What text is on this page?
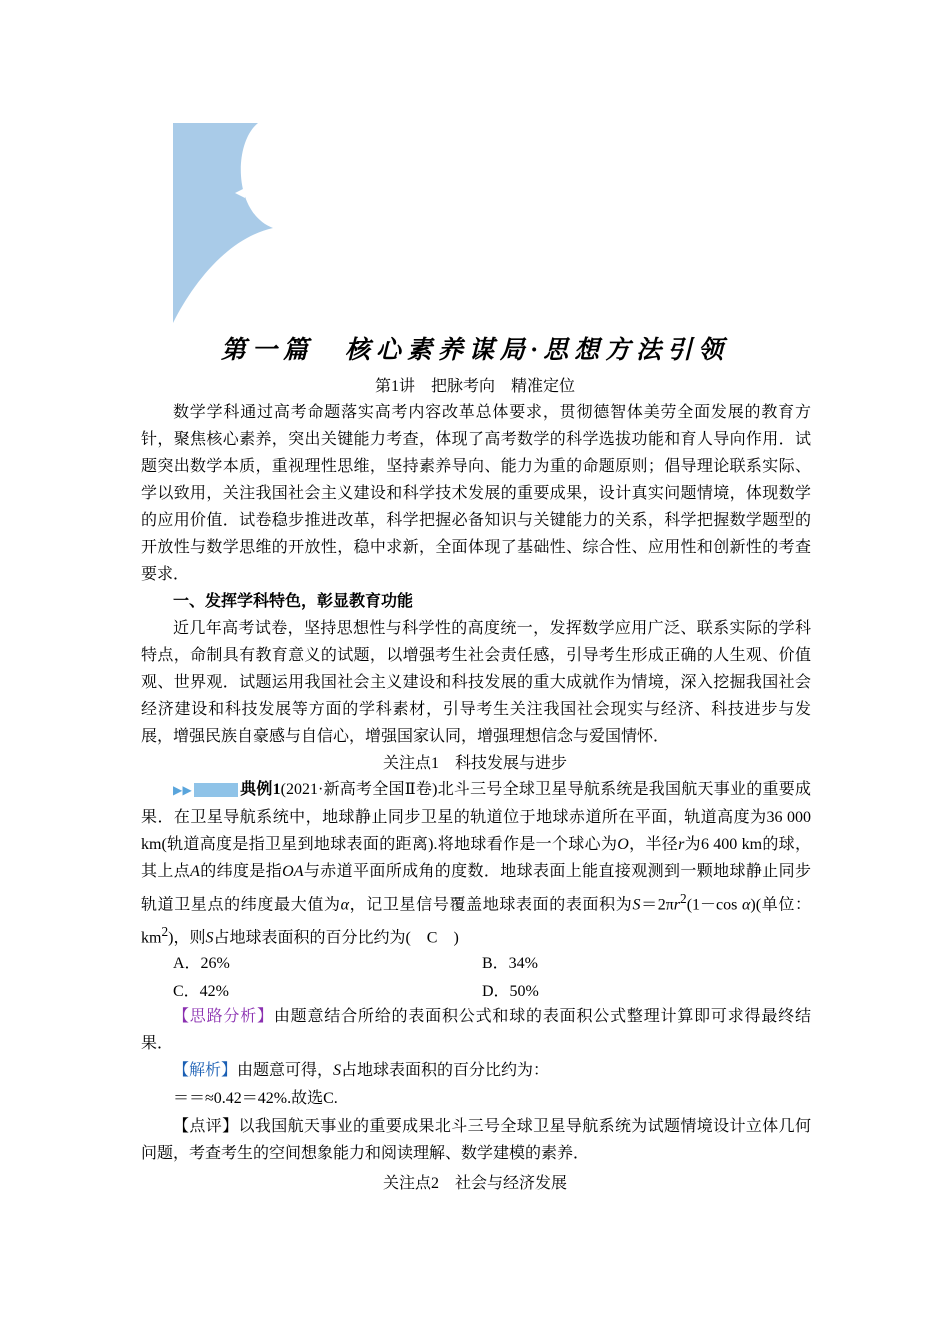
学案
第一篇　核心素养谋局·思想方法引领
第1讲　把脉考向　精准定位
数学学科通过高考命题落实高考内容改革总体要求，贯彻德智体美劳全面发展的教育方针，聚焦核心素养，突出关键能力考查，体现了高考数学的科学选拔功能和育人导向作用．试题突出数学本质，重视理性思维，坚持素养导向、能力为重的命题原则；倡导理论联系实际、学以致用，关注我国社会主义建设和科学技术发展的重要成果，设计真实问题情境，体现数学的应用价值．试卷稳步推进改革，科学把握必备知识与关键能力的关系，科学把握数学题型的开放性与数学思维的开放性，稳中求新，全面体现了基础性、综合性、应用性和创新性的考查要求．
一、发挥学科特色，彰显教育功能
近几年高考试卷，坚持思想性与科学性的高度统一，发挥数学应用广泛、联系实际的学科特点，命制具有教育意义的试题，以增强考生社会责任感，引导考生形成正确的人生观、价值观、世界观．试题运用我国社会主义建设和科技发展的重大成就作为情境，深入挖掘我国社会经济建设和科技发展等方面的学科素材，引导考生关注我国社会现实与经济、科技进步与发展，增强民族自豪感与自信心，增强国家认同，增强理想信念与爱国情怀．
关注点1　科技发展与进步
▶▶	典例1(2021·新高考全国Ⅱ卷)北斗三号全球卫星导航系统是我国航天事业的重要成果．在卫星导航系统中，地球静止同步卫星的轨道位于地球赤道所在平面，轨道高度为36 000 km(轨道高度是指卫星到地球表面的距离).将地球看作是一个球心为O，半径r为6 400 km的球，其上点A的纬度是指OA与赤道平面所成角的度数．地球表面上能直接观测到一颗地球静止同步轨道卫星点的纬度最大值为α，记卫星信号覆盖地球表面的表面积为$S=2\pi r^2(1-\cos$ α)(单位：$km^2$)，则S占地球表面积的百分比约为(　C　)
A．26%	B．34%
C．42%	D．50%
【思路分析】由题意结合所给的表面积公式和球的表面积公式整理计算即可求得最终结果．
【解析】由题意可得，S占地球表面积的百分比约为：
＝＝≈0.42＝42%.故选C.
【点评】以我国航天事业的重要成果北斗三号全球卫星导航系统为试题情境设计立体几何问题，考查考生的空间想象能力和阅读理解、数学建模的素养．
关注点2　社会与经济发展
